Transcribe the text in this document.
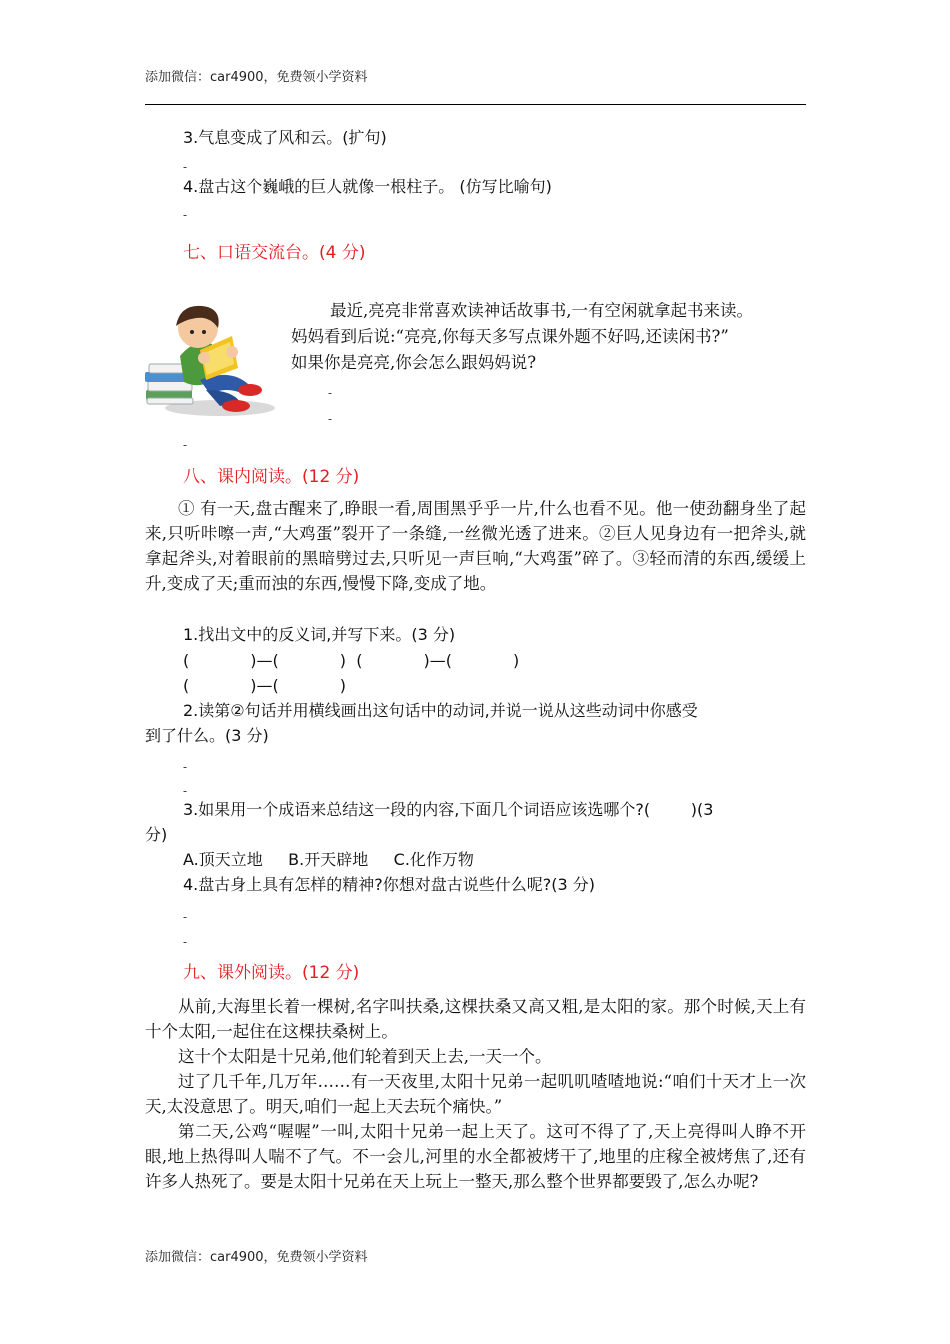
添加微信：car4900，免费领小学资料
3.气息变成了风和云。(扩句)
-
4.盘古这个巍峨的巨人就像一根柱子。 (仿写比喻句)
-
七、口语交流台。(4 分)
最近,亮亮非常喜欢读神话故事书,一有空闲就拿起书来读。
妈妈看到后说:“亮亮,你每天多写点课外题不好吗,还读闲书?”
如果你是亮亮,你会怎么跟妈妈说?
-
-
-
八、课内阅读。(12 分)

① 有一天,盘古醒来了,睁眼一看,周围黑乎乎一片,什么也看不见。他一使劲翻身坐了起来,只听咔嚓一声,“大鸡蛋”裂开了一条缝,一丝微光透了进来。②巨人见身边有一把斧头,就拿起斧头,对着眼前的黑暗劈过去,只听见一声巨响,“大鸡蛋”碎了。③轻而清的东西,缓缓上升,变成了天;重而浊的东西,慢慢下降,变成了地。

1.找出文中的反义词,并写下来。(3 分)
(            )—(            )  (            )—(            )
(            )—(            )
2.读第②句话并用横线画出这句话中的动词,并说一说从这些动词中你感受
到了什么。(3 分)
-
-
3.如果用一个成语来总结这一段的内容,下面几个词语应该选哪个?(        )(3
分)
A.顶天立地     B.开天辟地     C.化作万物
4.盘古身上具有怎样的精神?你想对盘古说些什么呢?(3 分)
-
-
九、课外阅读。(12 分)

从前,大海里长着一棵树,名字叫扶桑,这棵扶桑又高又粗,是太阳的家。那个时候,天上有十个太阳,一起住在这棵扶桑树上。

这十个太阳是十兄弟,他们轮着到天上去,一天一个。

过了几千年,几万年……有一天夜里,太阳十兄弟一起叽叽喳喳地说:“咱们十天才上一次天,太没意思了。明天,咱们一起上天去玩个痛快。”

第二天,公鸡“喔喔”一叫,太阳十兄弟一起上天了。这可不得了了,天上亮得叫人睁不开眼,地上热得叫人喘不了气。不一会儿,河里的水全都被烤干了,地里的庄稼全被烤焦了,还有许多人热死了。要是太阳十兄弟在天上玩上一整天,那么整个世界都要毁了,怎么办呢?

添加微信：car4900，免费领小学资料
